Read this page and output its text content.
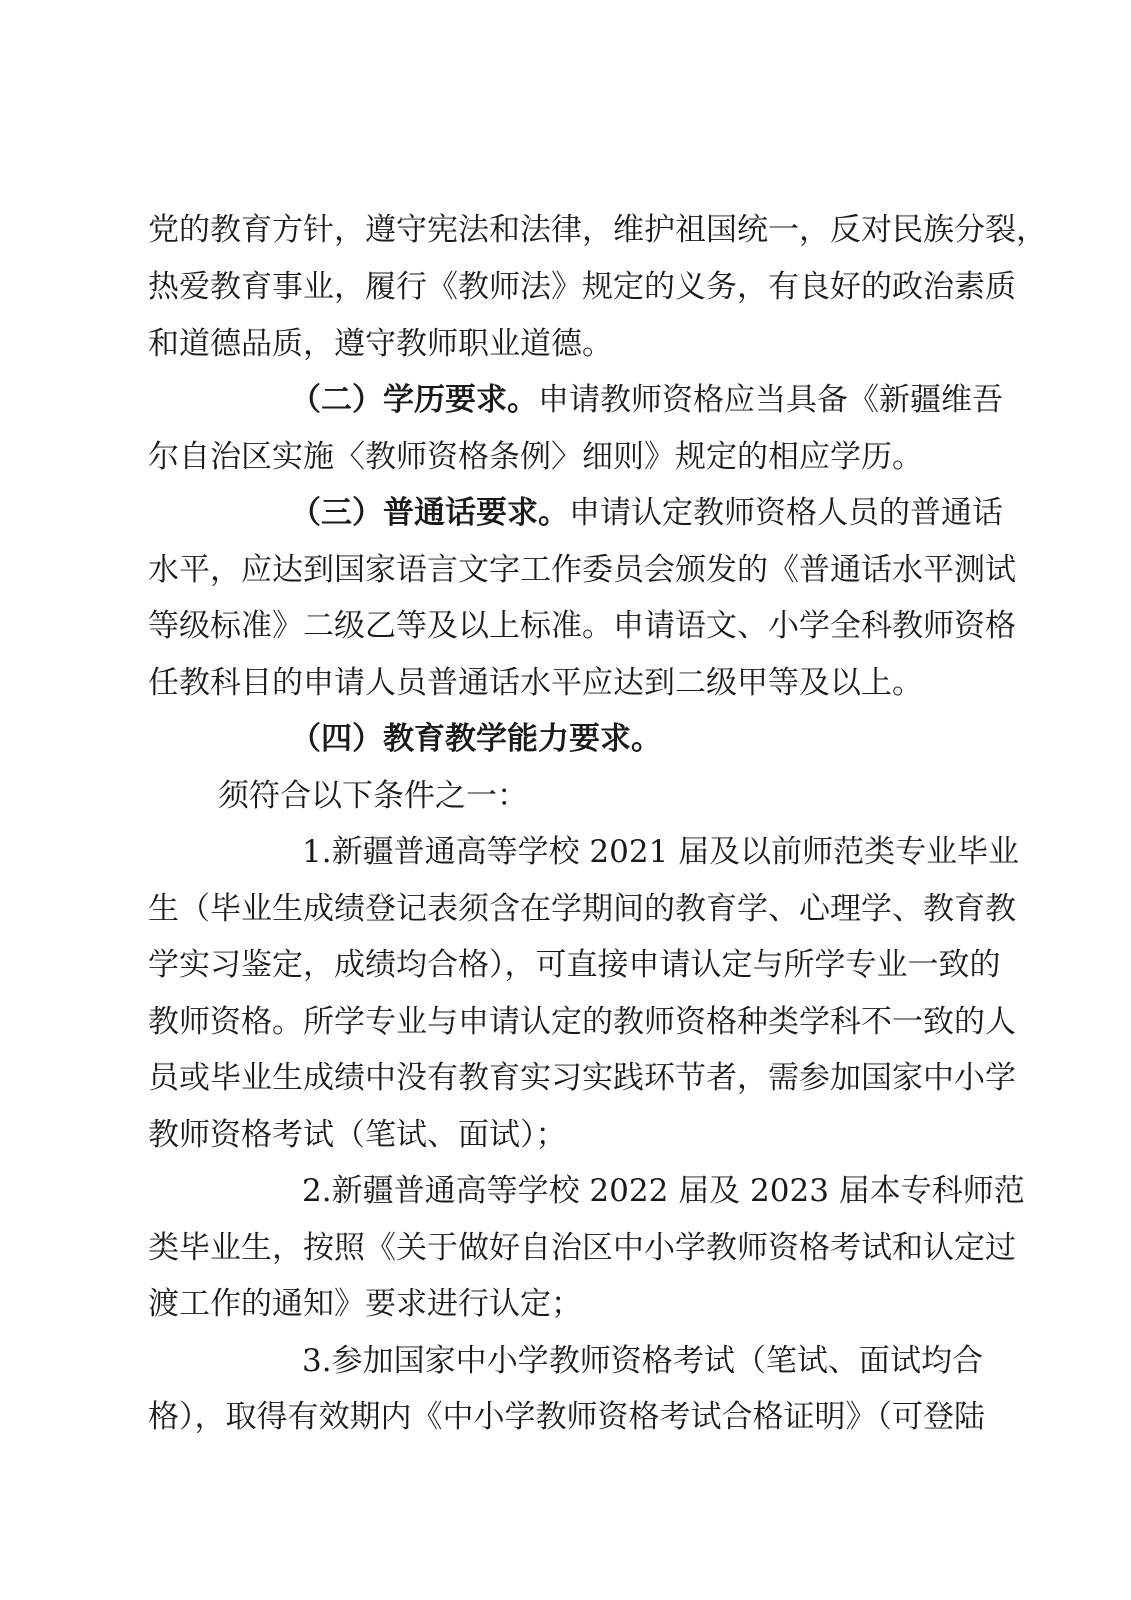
党的教育方针，遵守宪法和法律，维护祖国统一，反对民族分裂，
热爱教育事业，履行《教师法》规定的义务，有良好的政治素质
和道德品质，遵守教师职业道德。
（二）学历要求。申请教师资格应当具备《新疆维吾
尔自治区实施〈教师资格条例〉细则》规定的相应学历。
（三）普通话要求。申请认定教师资格人员的普通话
水平，应达到国家语言文字工作委员会颁发的《普通话水平测试
等级标准》二级乙等及以上标准。申请语文、小学全科教师资格
任教科目的申请人员普通话水平应达到二级甲等及以上。
（四）教育教学能力要求。
须符合以下条件之一：
1.新疆普通高等学校 2021 届及以前师范类专业毕业
生（毕业生成绩登记表须含在学期间的教育学、心理学、教育教
学实习鉴定，成绩均合格），可直接申请认定与所学专业一致的
教师资格。所学专业与申请认定的教师资格种类学科不一致的人
员或毕业生成绩中没有教育实习实践环节者，需参加国家中小学
教师资格考试（笔试、面试）；
2.新疆普通高等学校 2022 届及 2023 届本专科师范
类毕业生，按照《关于做好自治区中小学教师资格考试和认定过
渡工作的通知》要求进行认定；
3.参加国家中小学教师资格考试（笔试、面试均合
格），取得有效期内《中小学教师资格考试合格证明》（可登陆
